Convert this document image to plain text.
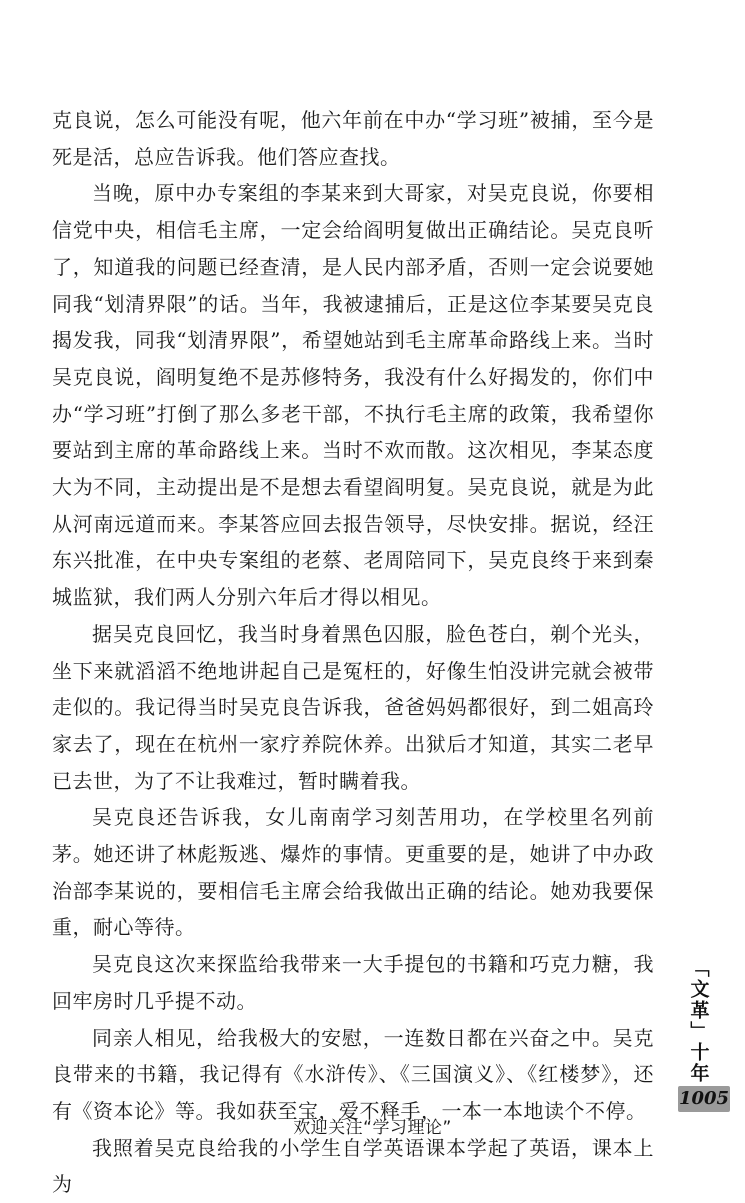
克良说，怎么可能没有呢，他六年前在中办“学习班”被捕，至今是死是活，总应告诉我。他们答应查找。

当晚，原中办专案组的李某来到大哥家，对吴克良说，你要相信党中央，相信毛主席，一定会给阎明复做出正确结论。吴克良听了，知道我的问题已经查清，是人民内部矛盾，否则一定会说要她同我“划清界限”的话。当年，我被逮捕后，正是这位李某要吴克良揭发我，同我“划清界限”，希望她站到毛主席革命路线上来。当时吴克良说，阎明复绝不是苏修特务，我没有什么好揭发的，你们中办“学习班”打倒了那么多老干部，不执行毛主席的政策，我希望你要站到主席的革命路线上来。当时不欢而散。这次相见，李某态度大为不同，主动提出是不是想去看望阎明复。吴克良说，就是为此从河南远道而来。李某答应回去报告领导，尽快安排。据说，经汪东兴批准，在中央专案组的老蔡、老周陪同下，吴克良终于来到秦城监狱，我们两人分别六年后才得以相见。

据吴克良回忆，我当时身着黑色囚服，脸色苍白，剃个光头，坐下来就滔滔不绝地讲起自己是冤枉的，好像生怕没讲完就会被带走似的。我记得当时吴克良告诉我，爸爸妈妈都很好，到二姐高玲家去了，现在在杭州一家疗养院休养。出狱后才知道，其实二老早已去世，为了不让我难过，暂时瞒着我。

吴克良还告诉我，女儿南南学习刻苦用功，在学校里名列前茅。她还讲了林彪叛逃、爆炸的事情。更重要的是，她讲了中办政治部李某说的，要相信毛主席会给我做出正确的结论。她劝我要保重，耐心等待。

吴克良这次来探监给我带来一大手提包的书籍和巧克力糖，我回牢房时几乎提不动。

同亲人相见，给我极大的安慰，一连数日都在兴奋之中。吴克良带来的书籍，我记得有《水浒传》、《三国演义》、《红楼梦》，还有《资本论》等。我如获至宝，爱不释手，一本一本地读个不停。

我照着吴克良给我的小学生自学英语课本学起了英语，课本上为

「文革」十年
1005
欢迎关注“学习理论”
